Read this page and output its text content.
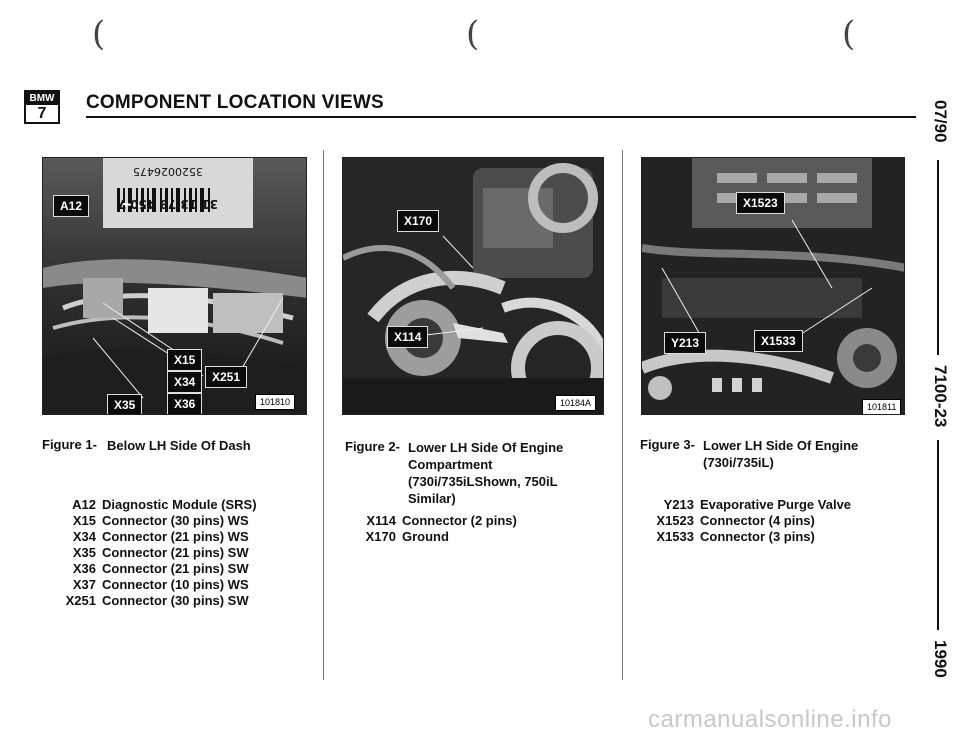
(	(	(
BMW
7
COMPONENT LOCATION VIEWS
3520026475
31 13 79 450 7
A12
X15
X34	X251
X35	X36	101810
X170
X114
10184A
X1523
Y213	X1533
101811
Figure 1- Below LH Side Of Dash	Figure 2- Lower LH Side Of Engine
Compartment
(730i/735iLShown, 750iL
Similar)
Figure 3- Lower LH Side Of Engine
(730i/735iL)
A12 Diagnostic Module (SRS)
X15 Connector (30 pins) WS
X34 Connector (21 pins) WS
X35 Connector (21 pins) SW
X36 Connector (21 pins) SW
X37 Connector (10 pins) WS
X251 Connector (30 pins) SW
X114 Connector (2 pins)
X170 Ground
Y213 Evaporative Purge Valve
X1523 Connector (4 pins)
X1533 Connector (3 pins)
07/90
7100-23
1990
carmanualsonline.info
